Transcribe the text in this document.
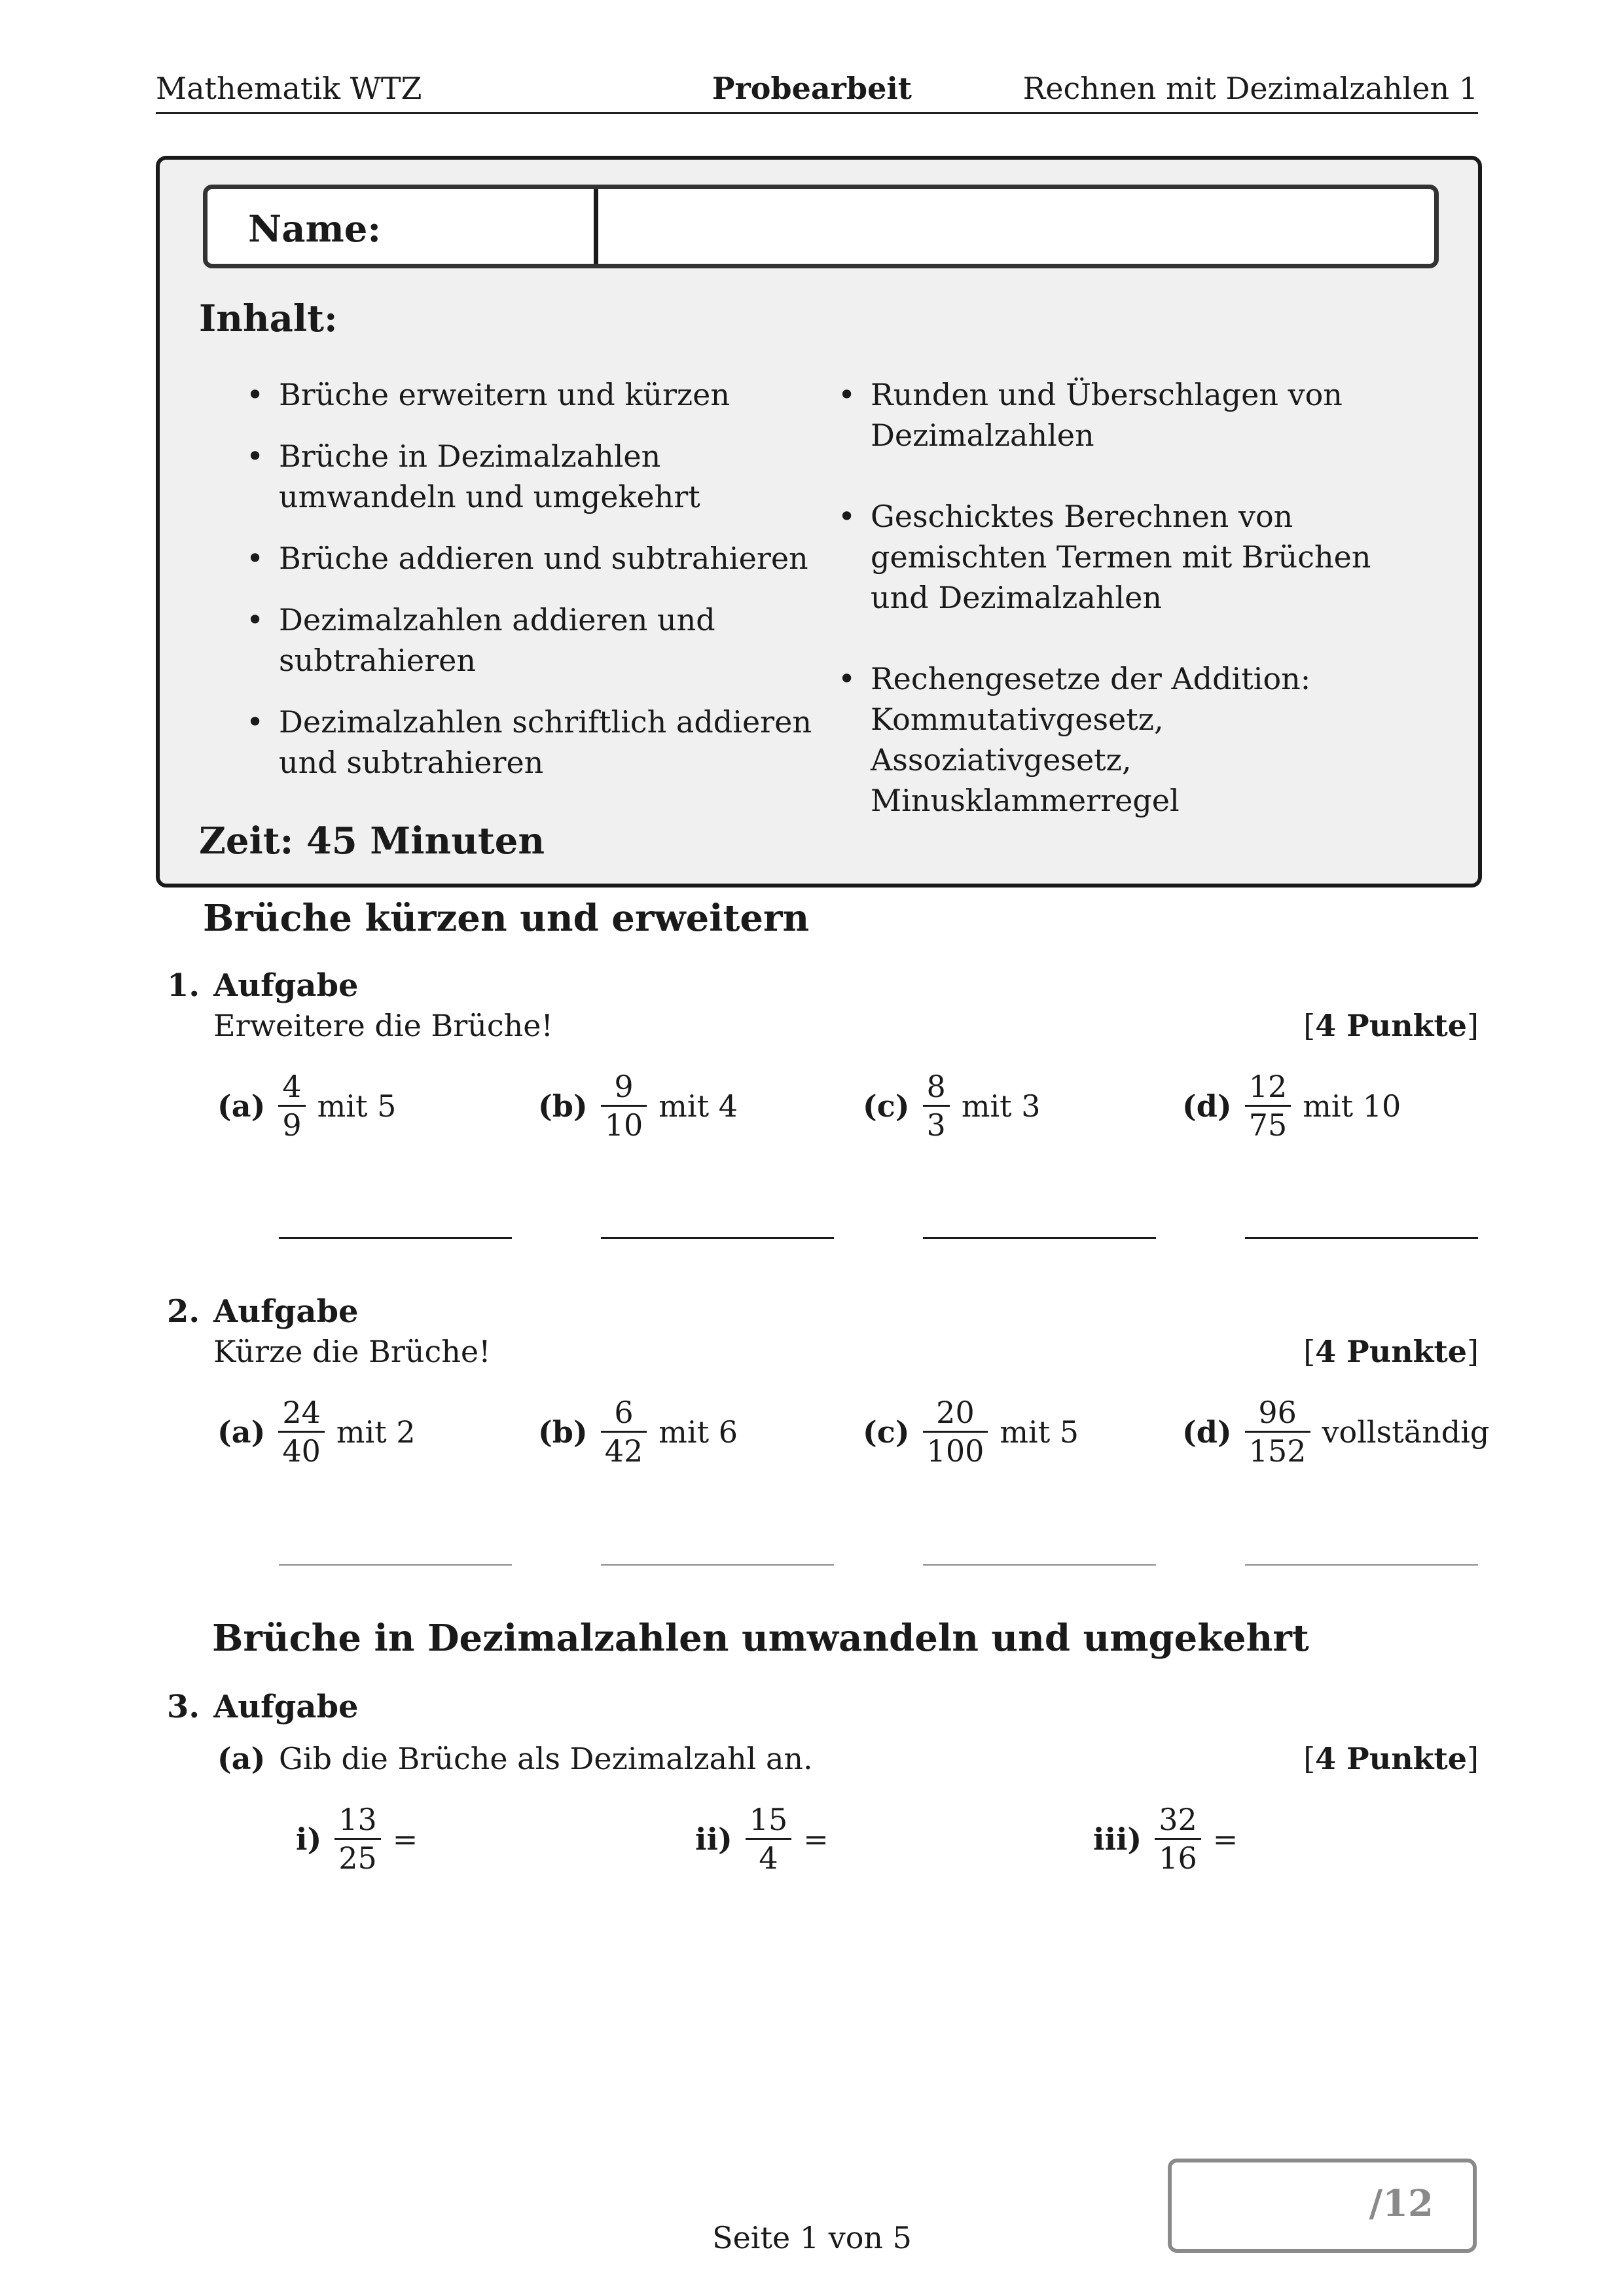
Mathematik WTZ	Probearbeit	Rechnen mit Dezimalzahlen 1
Name:
Inhalt:
• Brüche erweitern und kürzen
• Brüche in Dezimalzahlen umwandeln und umgekehrt
• Brüche addieren und subtrahieren
• Dezimalzahlen addieren und subtrahieren
• Dezimalzahlen schriftlich addieren und subtrahieren
• Runden und Überschlagen von Dezimalzahlen
• Geschicktes Berechnen von gemischten Termen mit Brüchen und Dezimalzahlen
• Rechengesetze der Addition: Kommutativgesetz, Assoziativgesetz, Minusklammerregel
Zeit: 45 Minuten
Brüche kürzen und erweitern
1. Aufgabe
Erweitere die Brüche!	[4 Punkte]
$(a) \frac{4}{9}$ mit 5	$(b) \frac{9}{10}$ mit 4	$(c) \frac{8}{3}$ mit 3	$(d) \frac{12}{75}$ mit 10
2. Aufgabe
Kürze die Brüche!	[4 Punkte]
$(a) \frac{24}{40}$ mit 2	$(b) \frac{6}{42}$ mit 6	$(c) \frac{20}{100}$ mit 5	$(d) \frac{96}{152}$ vollständig
Brüche in Dezimalzahlen umwandeln und umgekehrt
3. Aufgabe
(a) Gib die Brüche als Dezimalzahl an.	[4 Punkte]
$i) \frac{13}{25}$ =	$ii) \frac{15}{4}$ =	$iii) \frac{32}{16}$ =
/12
Seite 1 von 5
